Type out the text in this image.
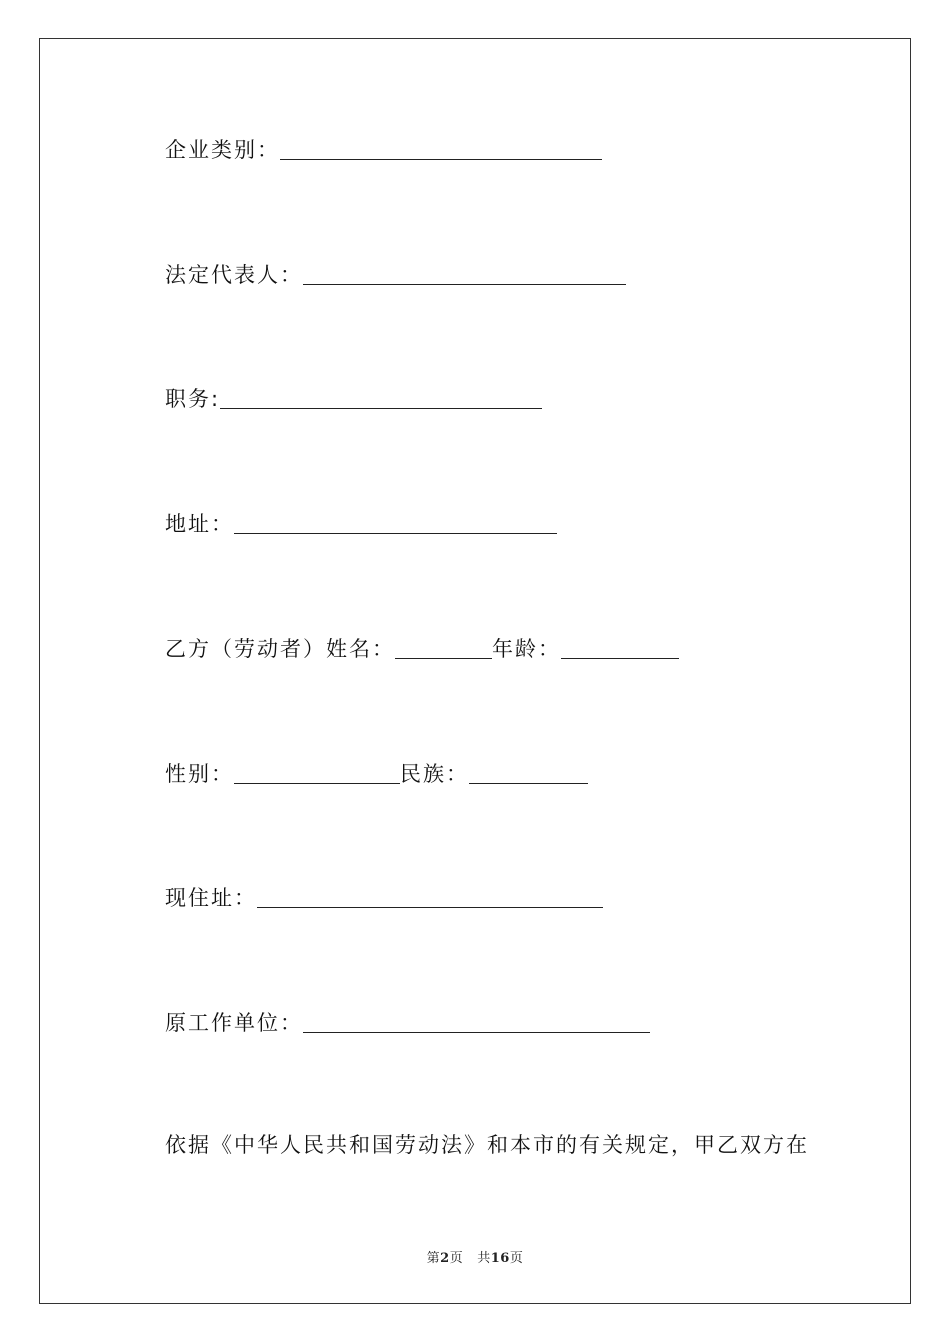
企业类别：
法定代表人：
职务:
地址：
乙方（劳动者）姓名：	年龄：
性别：	民族：
现住址：
原工作单位：
依据《中华人民共和国劳动法》和本市的有关规定，甲乙双方在
第2页 共16页
